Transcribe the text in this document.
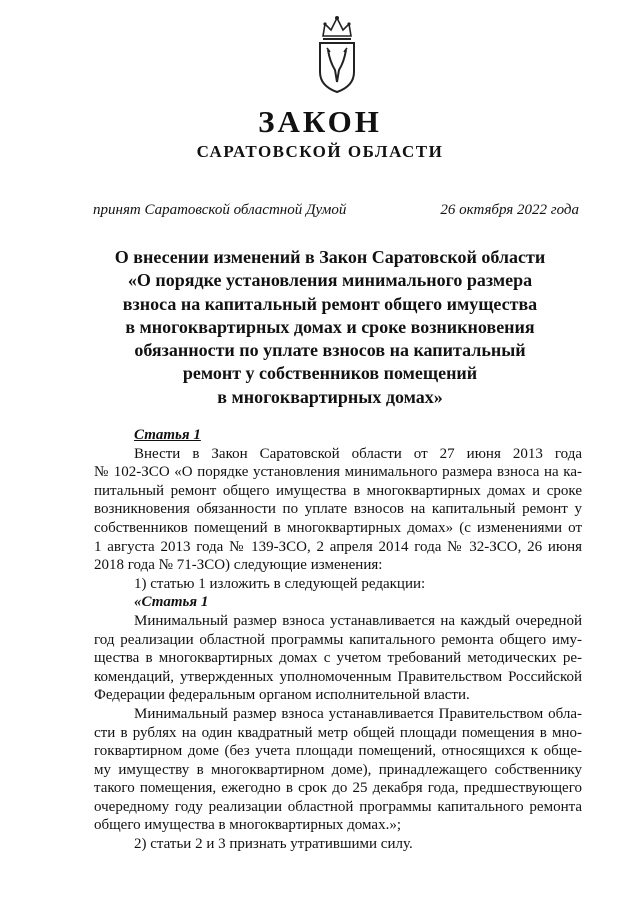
ЗАКОН
САРАТОВСКОЙ ОБЛАСТИ
принят Саратовской областной Думой	26 октября 2022 года
О внесении изменений в Закон Саратовской области
«О порядке установления минимального размера
взноса на капитальный ремонт общего имущества
в многоквартирных домах и сроке возникновения
обязанности по уплате взносов на капитальный
ремонт у собственников помещений
в многоквартирных домах»
Статья 1
Внести в Закон Саратовской области от 27 июня 2013 года
№ 102-ЗСО «О порядке установления минимального размера взноса на ка-
питальный ремонт общего имущества в многоквартирных домах и сроке
возникновения обязанности по уплате взносов на капитальный ремонт у
собственников помещений в многоквартирных домах» (с изменениями от
1 августа 2013 года № 139-ЗСО, 2 апреля 2014 года № 32-ЗСО, 26 июня
2018 года № 71-ЗСО) следующие изменения:
1) статью 1 изложить в следующей редакции:
«Статья 1
Минимальный размер взноса устанавливается на каждый очередной
год реализации областной программы капитального ремонта общего иму-
щества в многоквартирных домах с учетом требований методических ре-
комендаций, утвержденных уполномоченным Правительством Российской
Федерации федеральным органом исполнительной власти.
Минимальный размер взноса устанавливается Правительством обла-
сти в рублях на один квадратный метр общей площади помещения в мно-
гоквартирном доме (без учета площади помещений, относящихся к обще-
му имуществу в многоквартирном доме), принадлежащего собственнику
такого помещения, ежегодно в срок до 25 декабря года, предшествующего
очередному году реализации областной программы капитального ремонта
общего имущества в многоквартирных домах.»;
2) статьи 2 и 3 признать утратившими силу.
